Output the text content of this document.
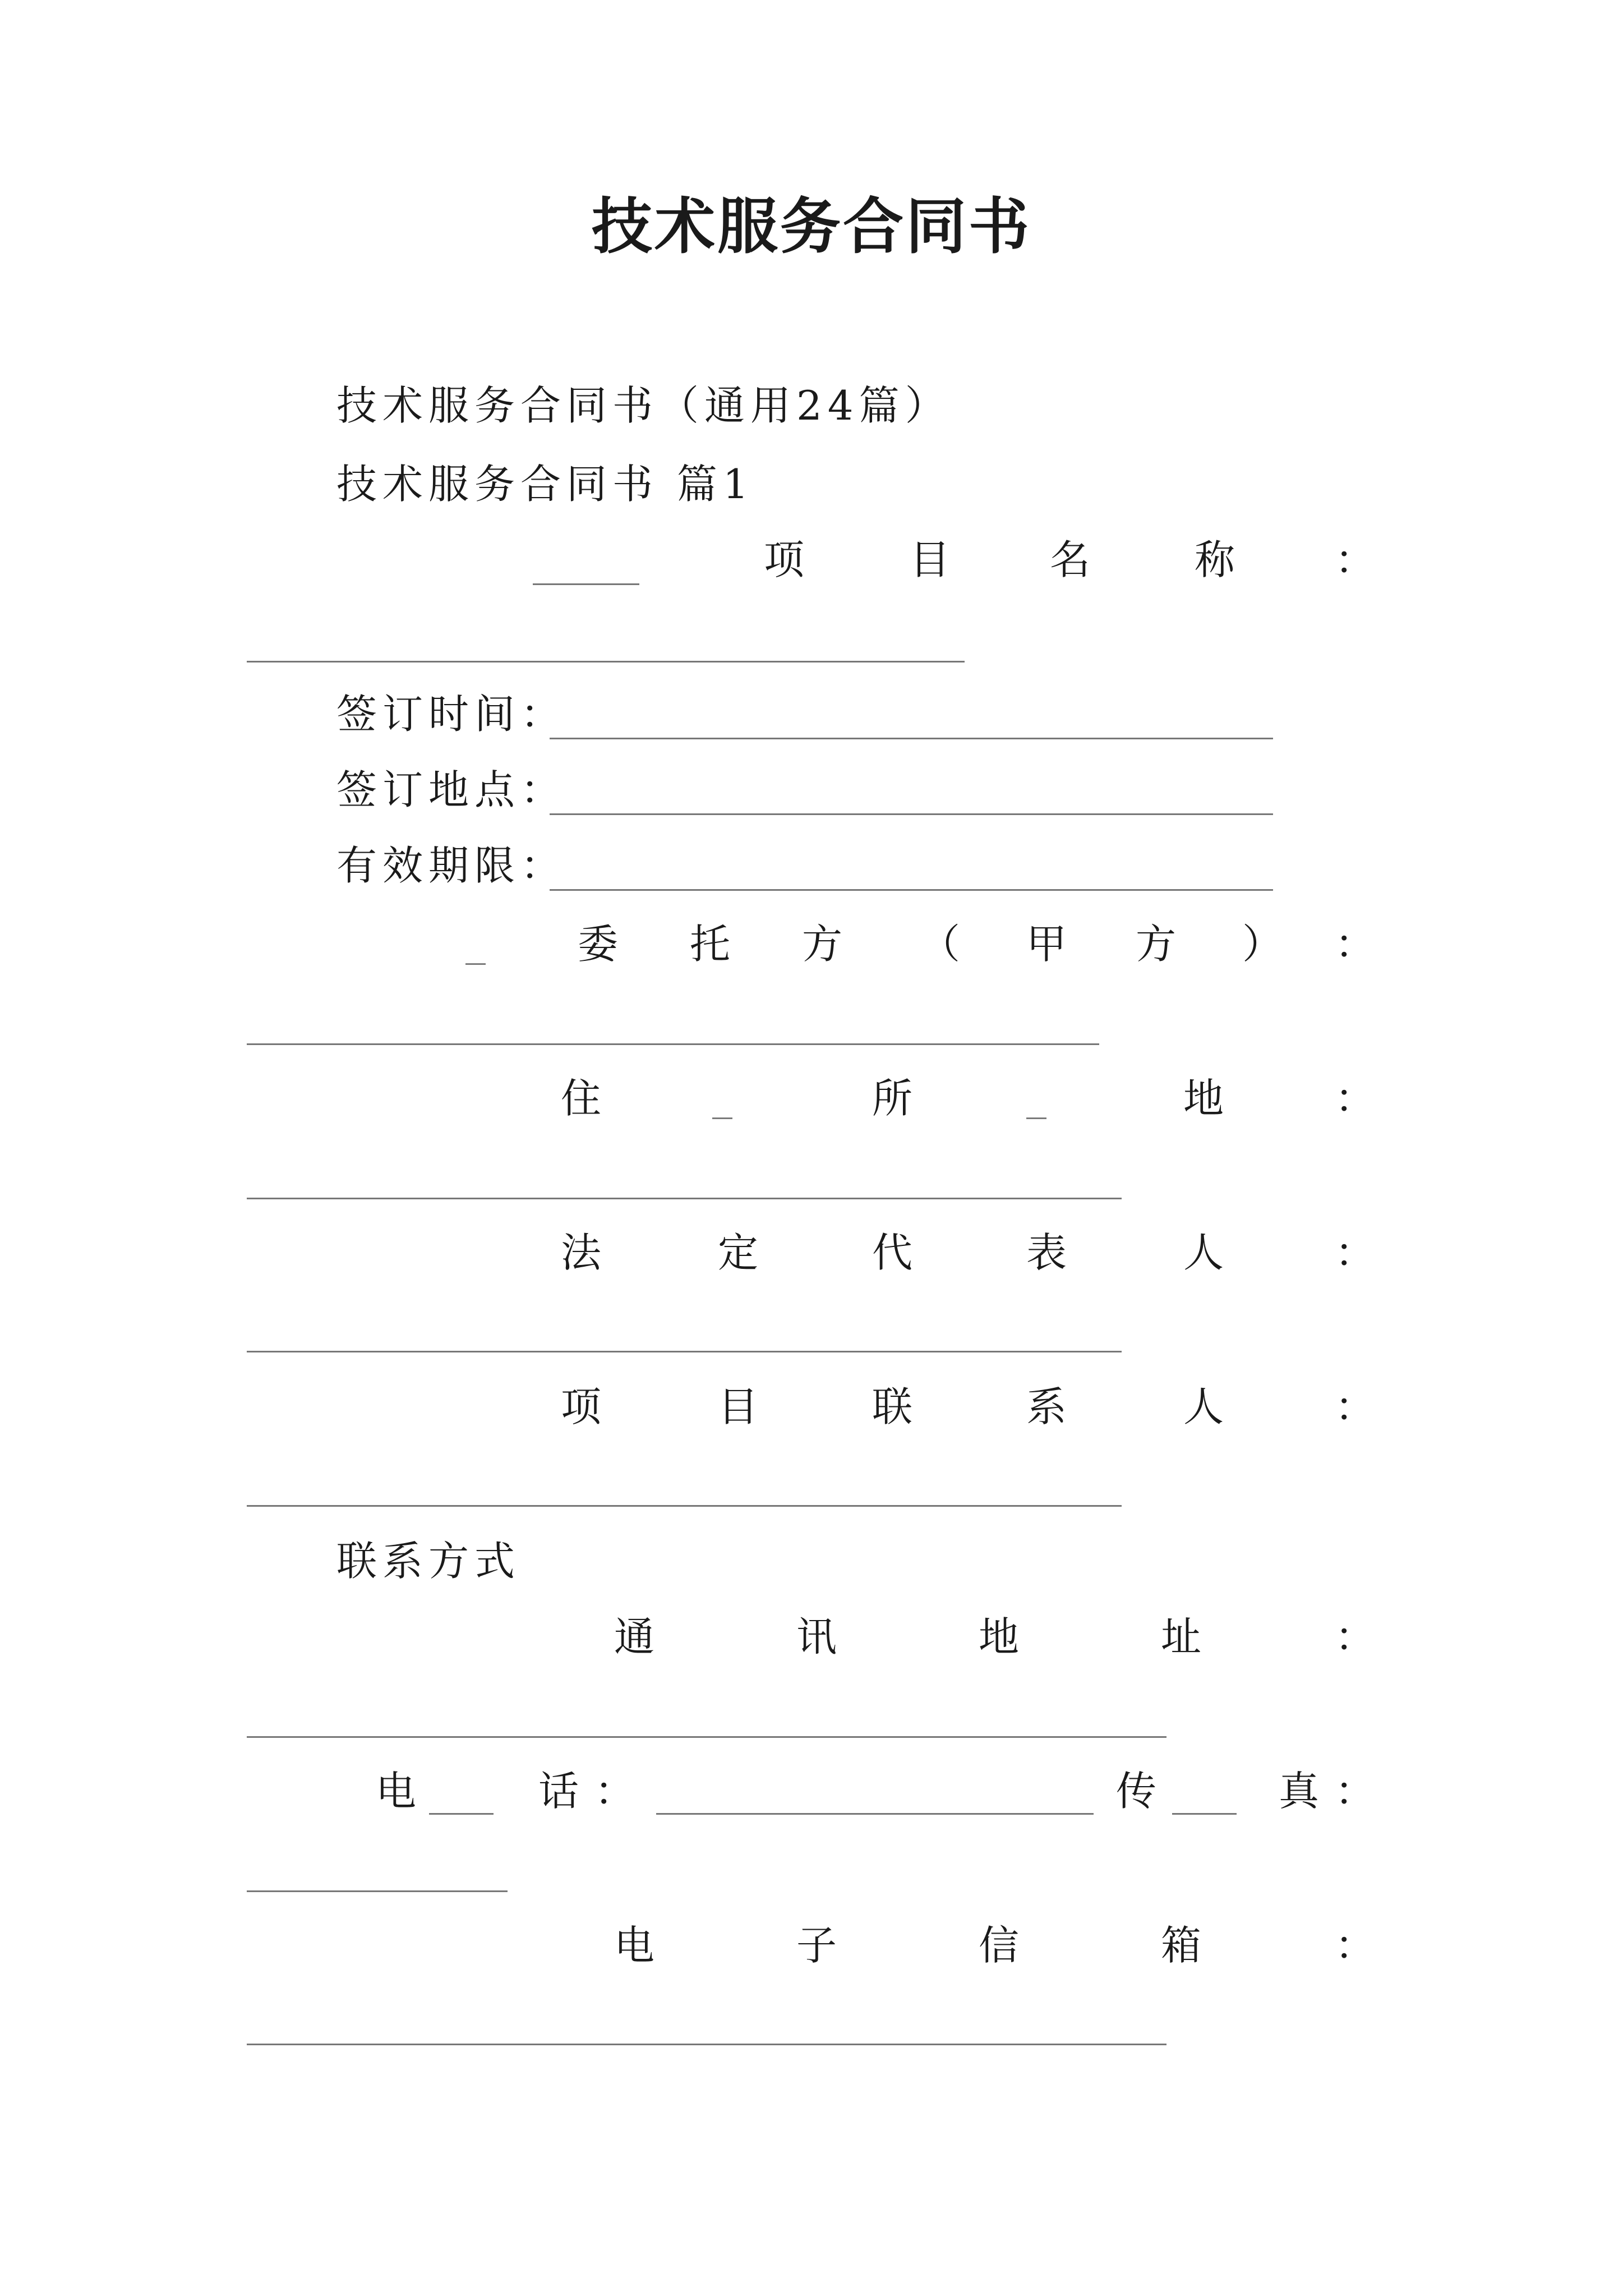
技术服务合同书
技术服务合同书（通用24篇）
技术服务合同书 篇1
项	目 名	称 ：
签订时间：
签订地点：
有效期限：
_ 委 托 方 （ 甲 方 ） ：
住	_	所	_	地	：
法	定	代	表	人	：
项	目	联	系	人	：
联系方式
通	讯	地	址	：
电	话 ：	传	真 ：
电	子	信	箱	：
